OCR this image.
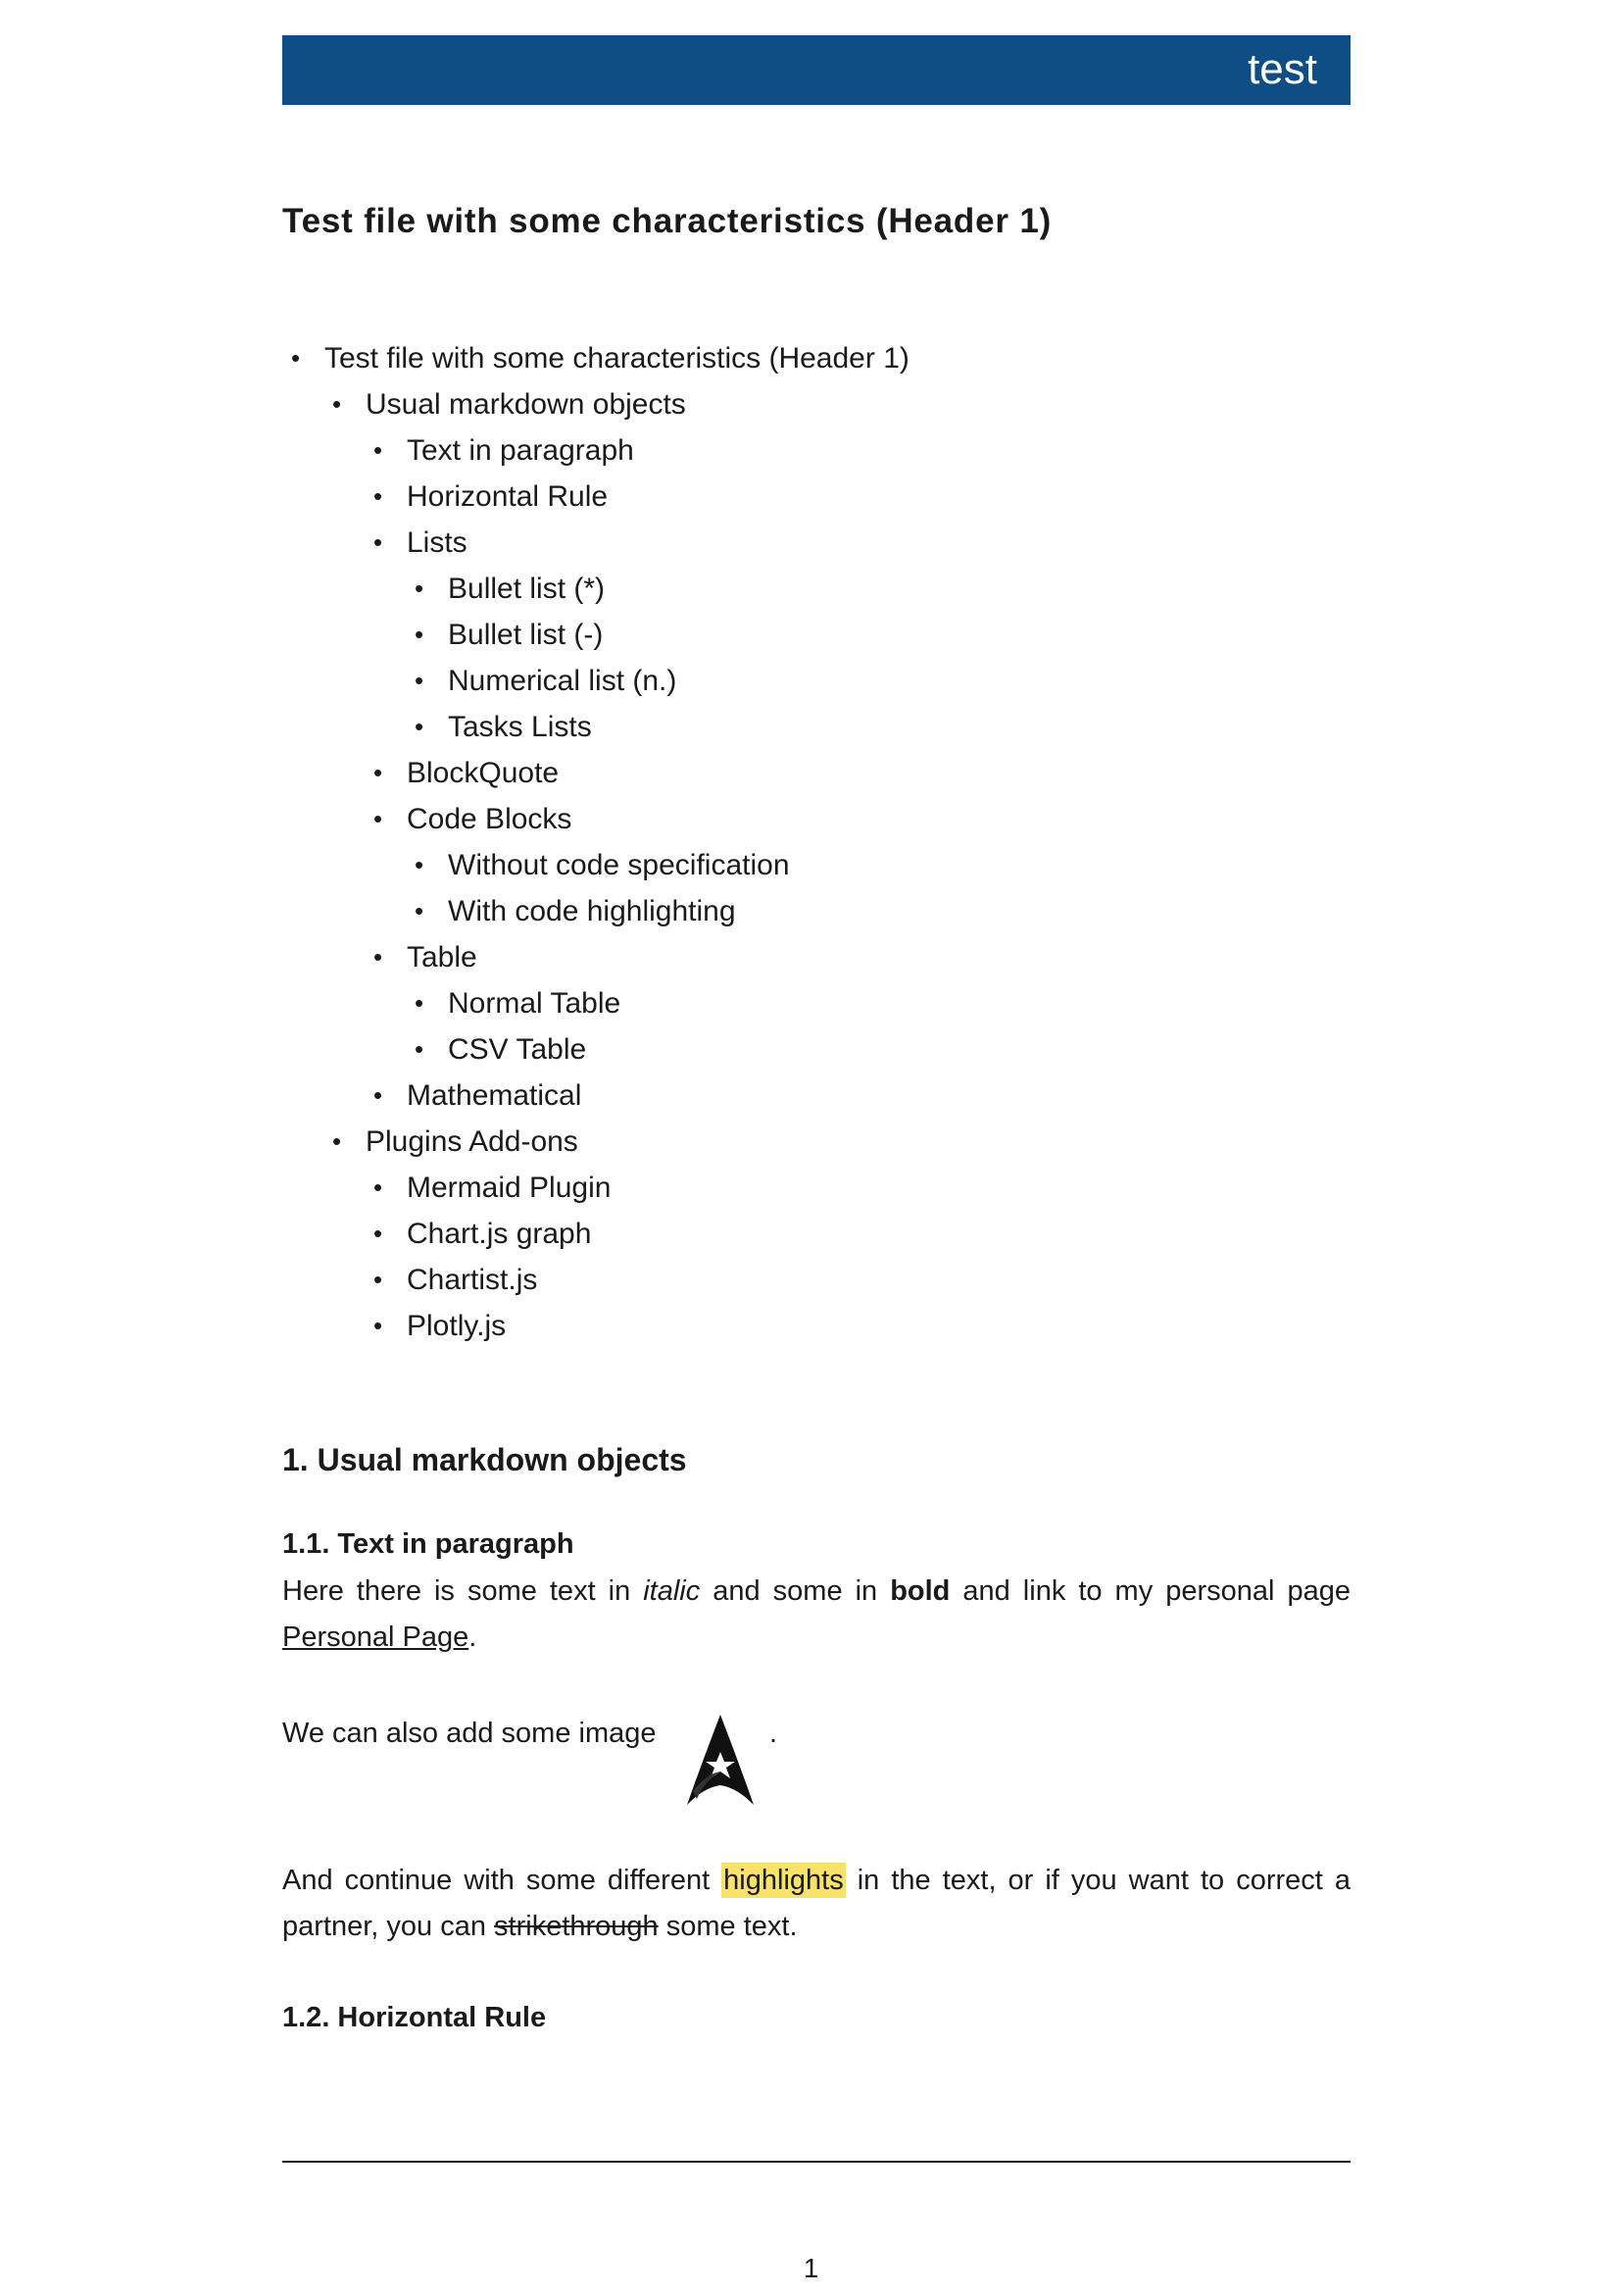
test
Test file with some characteristics (Header 1)
• Test file with some characteristics (Header 1)
• Usual markdown objects
• Text in paragraph
• Horizontal Rule
• Lists
• Bullet list (*)
• Bullet list (-)
• Numerical list (n.)
• Tasks Lists
• BlockQuote
• Code Blocks
• Without code specification
• With code highlighting
• Table
• Normal Table
• CSV Table
• Mathematical
• Plugins Add-ons
• Mermaid Plugin
• Chart.js graph
• Chartist.js
• Plotly.js
1. Usual markdown objects
1.1. Text in paragraph

Here there is some text in italic and some in bold and link to my personal page Personal Page.

We can also add some image	.

And continue with some different highlights in the text, or if you want to correct a partner, you can strikethrough some text.

1.2. Horizontal Rule
1
